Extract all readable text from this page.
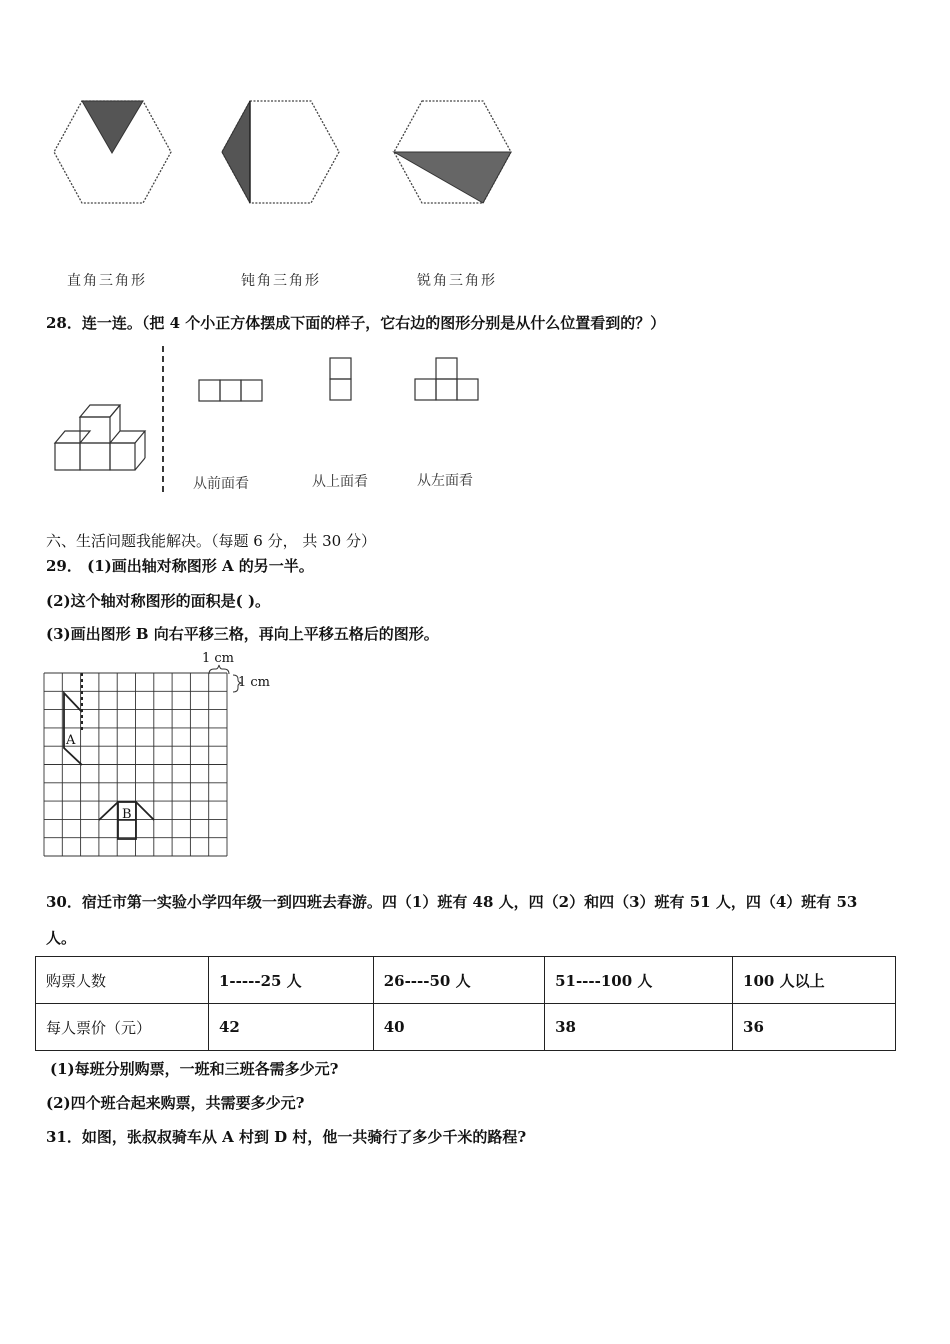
直角三角形	钝角三角形	锐角三角形
28．连一连。（把 4 个小正方体摆成下面的样子，它右边的图形分别是从什么位置看到的？）
从前面看	从上面看	从左面看
六、生活问题我能解决。（每题 6 分， 共 30 分）
29． (1)画出轴对称图形 A 的另一半。
(2)这个轴对称图形的面积是( )。
(3)画出图形 B 向右平移三格，再向上平移五格后的图形。
1 cm
1 cm
A
B
30．宿迁市第一实验小学四年级一到四班去春游。四（1）班有 48 人，四（2）和四（3）班有 51 人，四（4）班有 53
人。
购票人数	1-----25 人	26----50 人	51----100 人	100 人以上
每人票价（元）	42	40	38	36
(1)每班分别购票，一班和三班各需多少元?
(2)四个班合起来购票，共需要多少元?
31．如图，张叔叔骑车从 A 村到 D 村，他一共骑行了多少千米的路程?
